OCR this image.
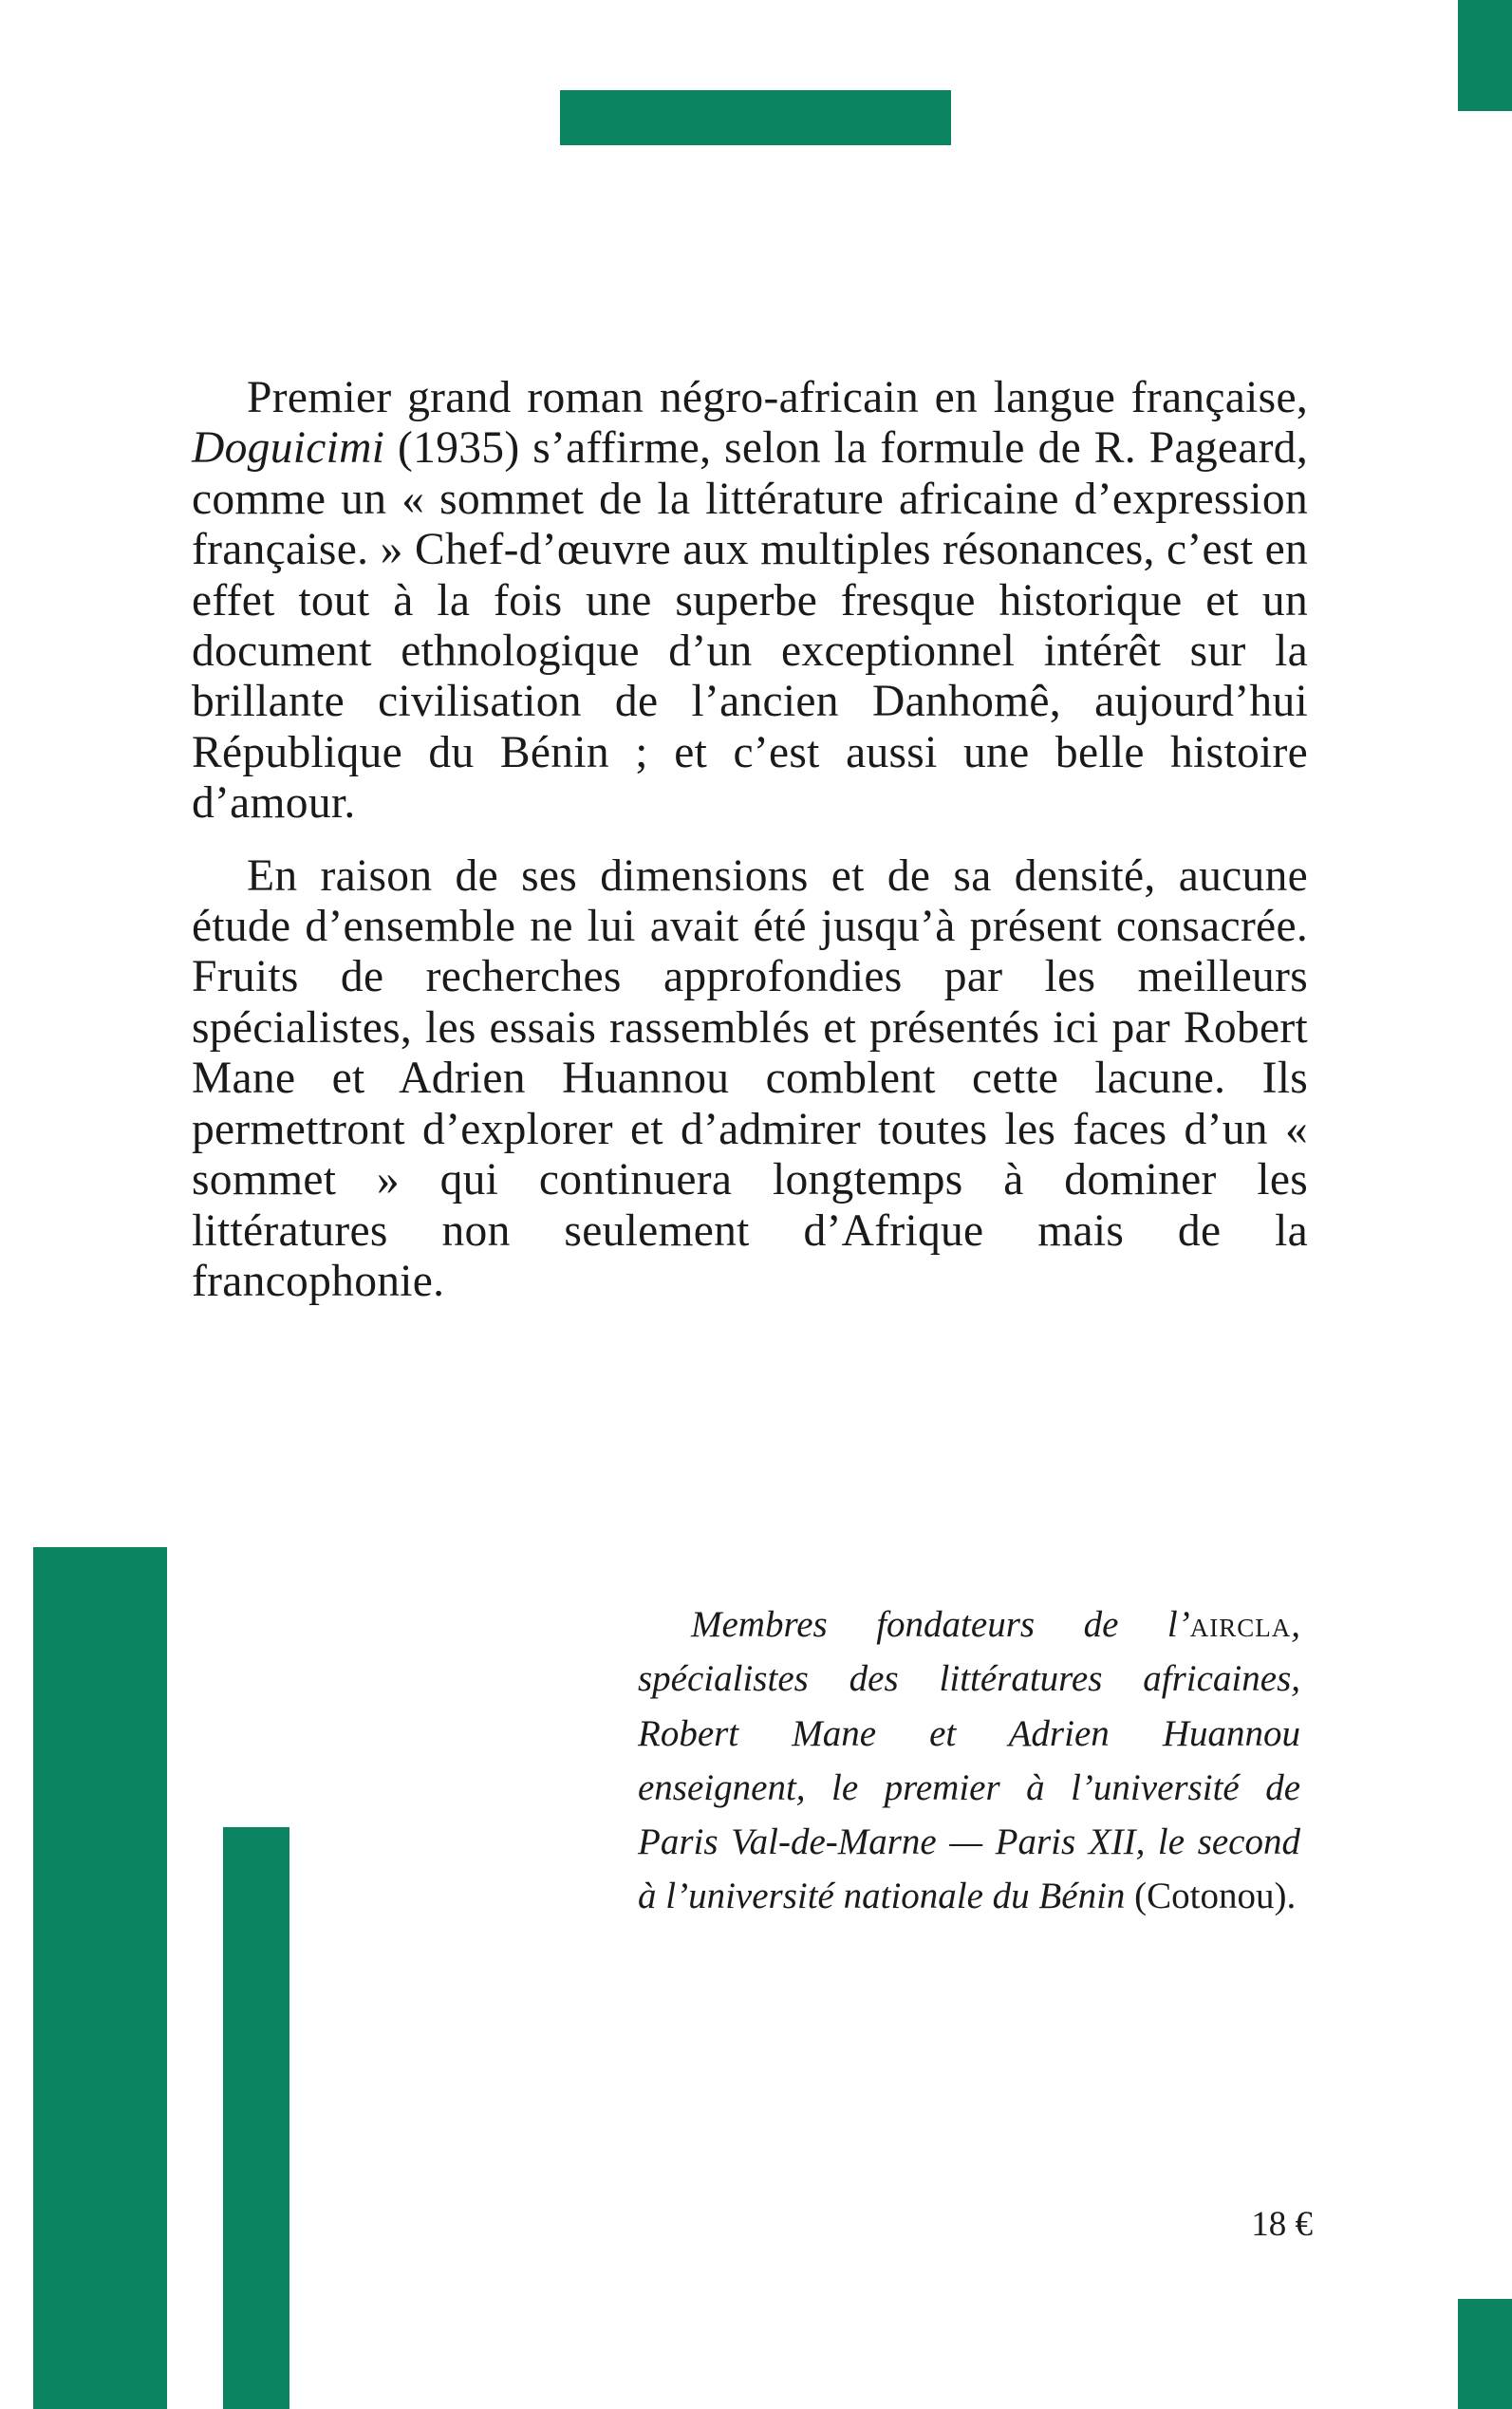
Premier grand roman négro-africain en langue française, Doguicimi (1935) s’affirme, selon la formule de R. Pageard, comme un « sommet de la littérature africaine d’expression française. » Chef-d’œuvre aux multiples résonances, c’est en effet tout à la fois une superbe fresque historique et un document ethnologique d’un exceptionnel intérêt sur la brillante civilisation de l’ancien Danhomê, aujourd’hui République du Bénin ; et c’est aussi une belle histoire d’amour.

En raison de ses dimensions et de sa densité, aucune étude d’ensemble ne lui avait été jusqu’à présent consacrée. Fruits de recherches approfondies par les meilleurs spécialistes, les essais rassemblés et présentés ici par Robert Mane et Adrien Huannou comblent cette lacune. Ils permettront d’explorer et d’admirer toutes les faces d’un « sommet » qui continuera longtemps à dominer les littératures non seulement d’Afrique mais de la francophonie.

Membres fondateurs de l’aircla, spécialistes des littératures africaines, Robert Mane et Adrien Huannou enseignent, le premier à l’université de Paris Val-de-Marne — Paris XII, le second à l’université nationale du Bénin (Cotonou).

18 €
